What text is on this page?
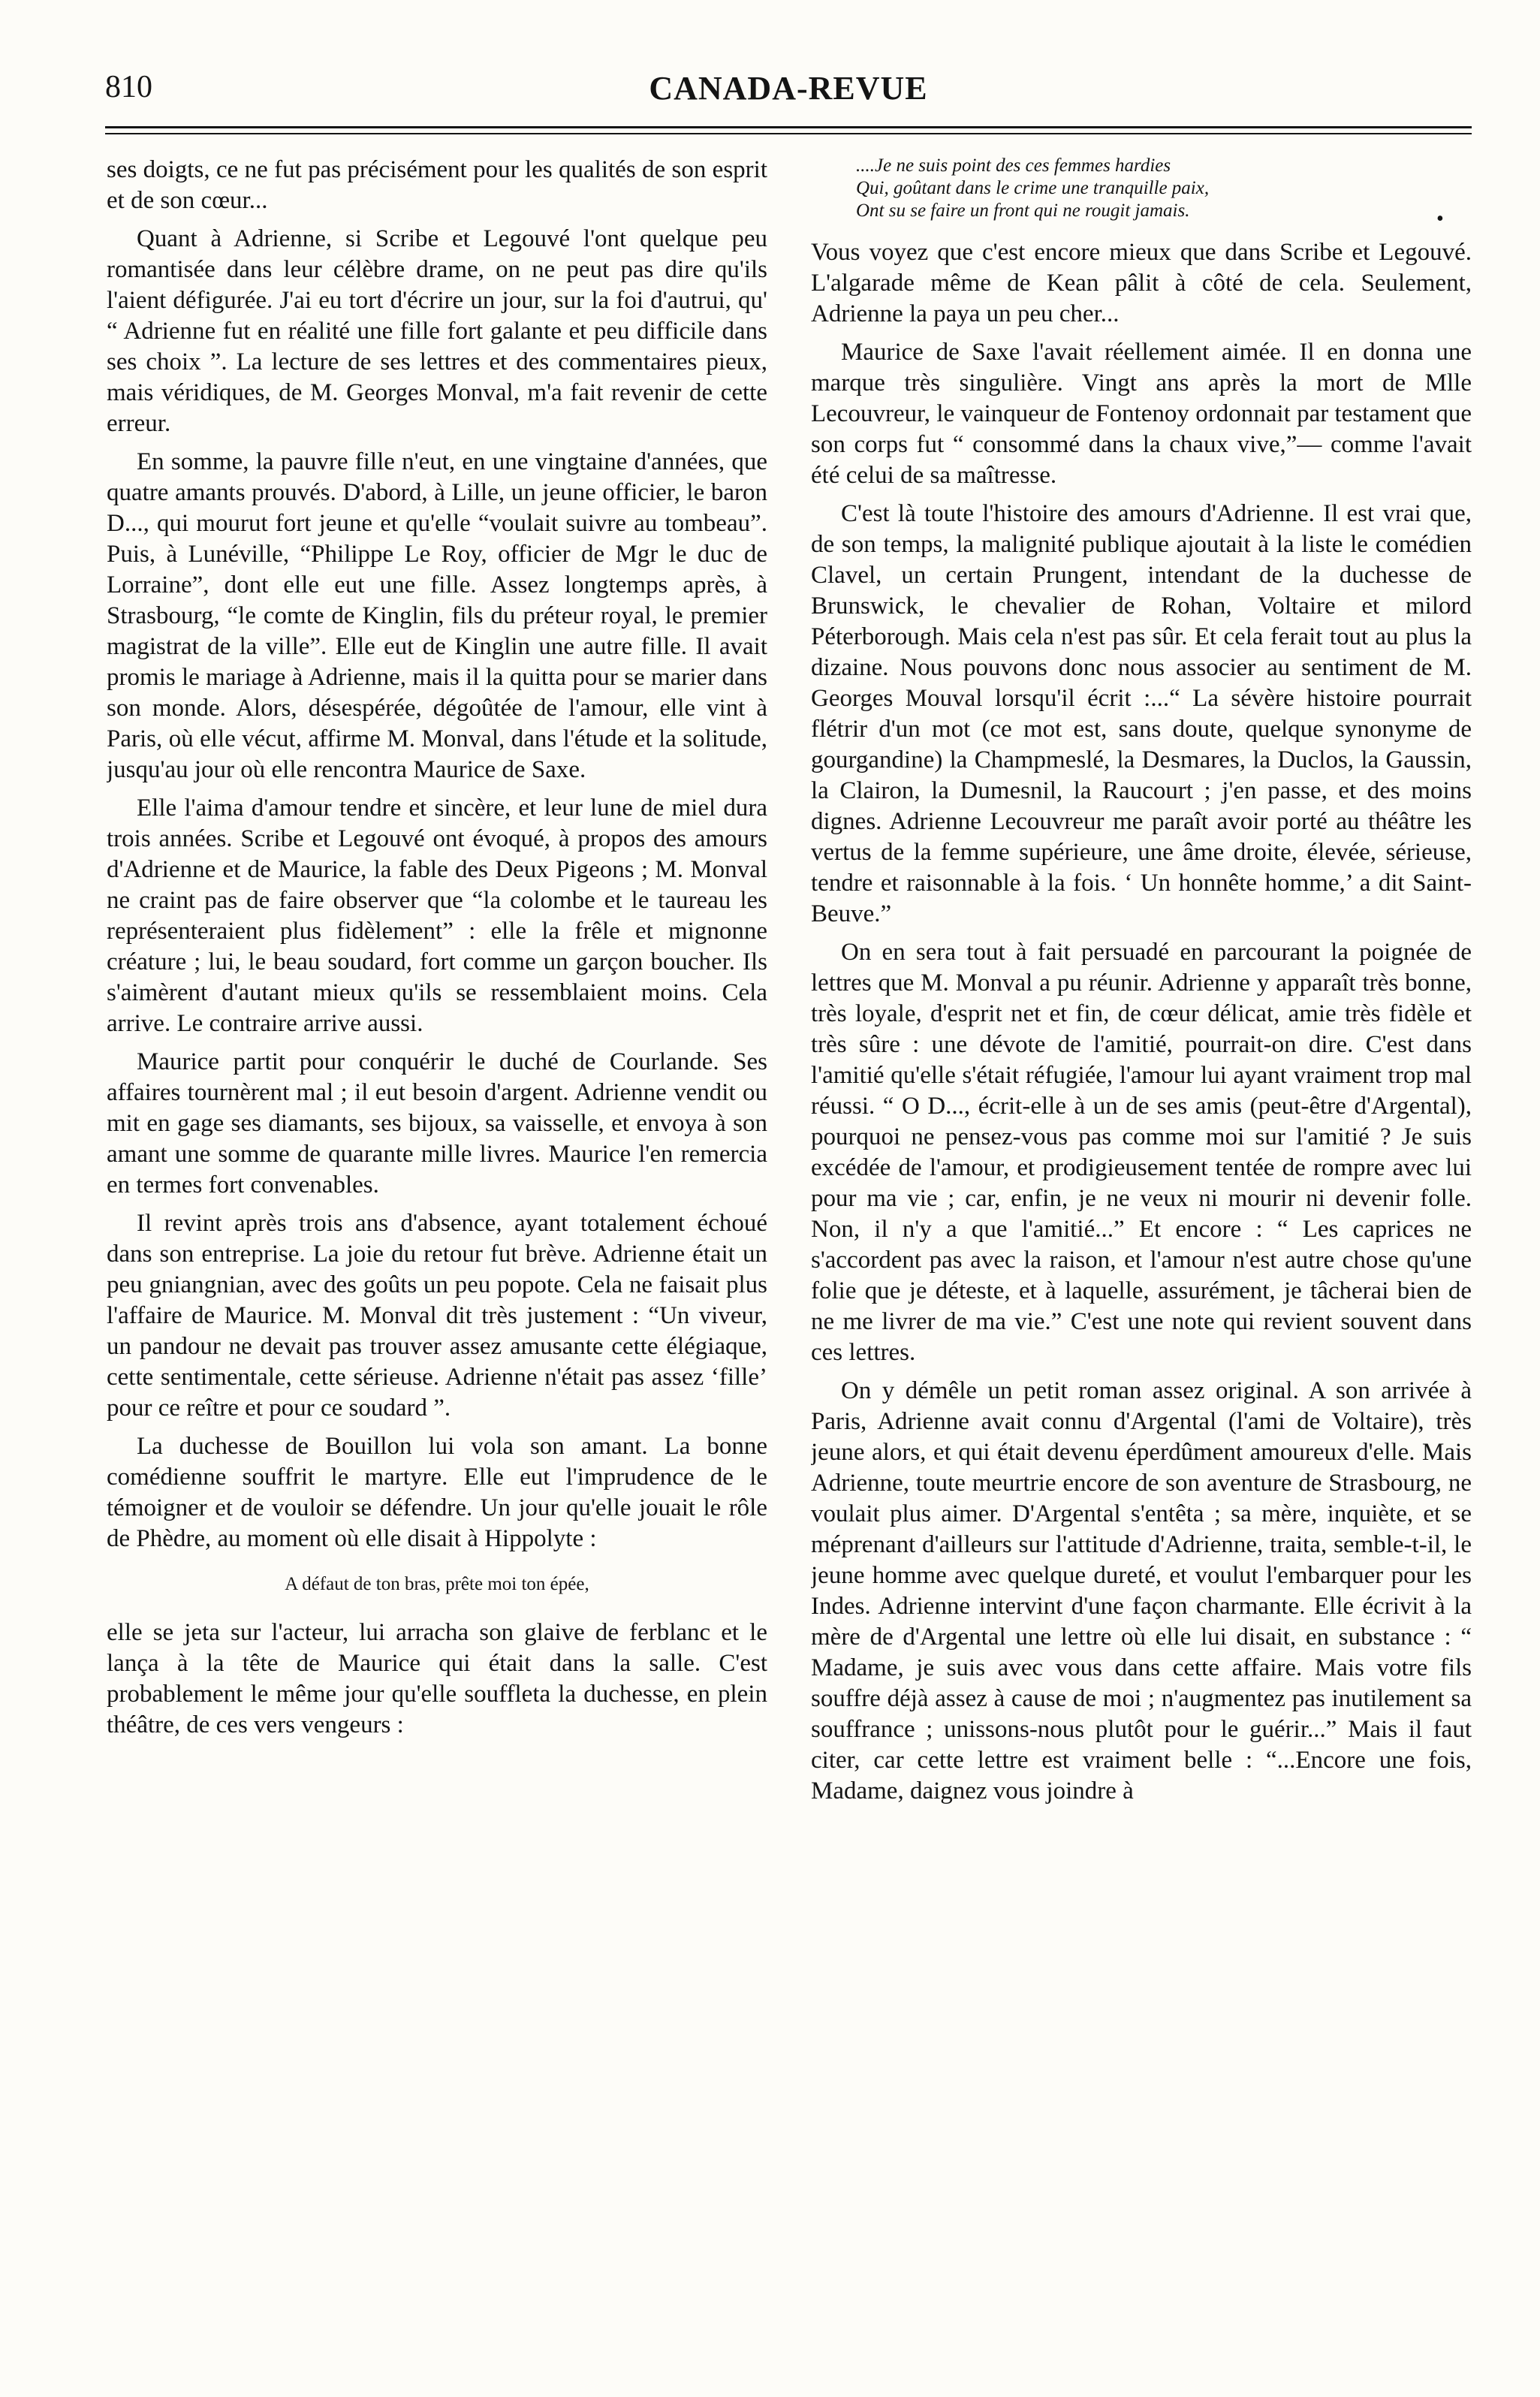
810	CANADA-REVUE

ses doigts, ce ne fut pas précisément pour les qualités de son esprit et de son cœur...

Quant à Adrienne, si Scribe et Legouvé l'ont quelque peu romantisée dans leur célèbre drame, on ne peut pas dire qu'ils l'aient défigurée. J'ai eu tort d'écrire un jour, sur la foi d'autrui, qu' “ Adrienne fut en réalité une fille fort galante et peu difficile dans ses choix ”. La lecture de ses lettres et des commentaires pieux, mais véridiques, de M. Georges Monval, m'a fait revenir de cette erreur.

En somme, la pauvre fille n'eut, en une vingtaine d'années, que quatre amants prouvés. D'abord, à Lille, un jeune officier, le baron D..., qui mourut fort jeune et qu'elle “voulait suivre au tombeau”. Puis, à Lunéville, “Philippe Le Roy, officier de Mgr le duc de Lorraine”, dont elle eut une fille. Assez longtemps après, à Strasbourg, “le comte de Kinglin, fils du préteur royal, le premier magistrat de la ville”. Elle eut de Kinglin une autre fille. Il avait promis le mariage à Adrienne, mais il la quitta pour se marier dans son monde. Alors, désespérée, dégoûtée de l'amour, elle vint à Paris, où elle vécut, affirme M. Monval, dans l'étude et la solitude, jusqu'au jour où elle rencontra Maurice de Saxe.

Elle l'aima d'amour tendre et sincère, et leur lune de miel dura trois années. Scribe et Legouvé ont évoqué, à propos des amours d'Adrienne et de Maurice, la fable des Deux Pigeons ; M. Monval ne craint pas de faire observer que “la colombe et le taureau les représenteraient plus fidèlement” : elle la frêle et mignonne créature ; lui, le beau soudard, fort comme un garçon boucher. Ils s'aimèrent d'autant mieux qu'ils se ressemblaient moins. Cela arrive. Le contraire arrive aussi.

Maurice partit pour conquérir le duché de Courlande. Ses affaires tournèrent mal ; il eut besoin d'argent. Adrienne vendit ou mit en gage ses diamants, ses bijoux, sa vaisselle, et envoya à son amant une somme de quarante mille livres. Maurice l'en remercia en termes fort convenables.

Il revint après trois ans d'absence, ayant totalement échoué dans son entreprise. La joie du retour fut brève. Adrienne était un peu gniangnian, avec des goûts un peu popote. Cela ne faisait plus l'affaire de Maurice. M. Monval dit très justement : “Un viveur, un pandour ne devait pas trouver assez amusante cette élégiaque, cette sentimentale, cette sérieuse. Adrienne n'était pas assez ‘fille’ pour ce reître et pour ce soudard ”.

La duchesse de Bouillon lui vola son amant. La bonne comédienne souffrit le martyre. Elle eut l'imprudence de le témoigner et de vouloir se défendre. Un jour qu'elle jouait le rôle de Phèdre, au moment où elle disait à Hippolyte :

A défaut de ton bras, prête moi ton épée,

elle se jeta sur l'acteur, lui arracha son glaive de ferblanc et le lança à la tête de Maurice qui était dans la salle. C'est probablement le même jour qu'elle souffleta la duchesse, en plein théâtre, de ces vers vengeurs :

....Je ne suis point des ces femmes hardies
Qui, goûtant dans le crime une tranquille paix,
Ont su se faire un front qui ne rougit jamais.

Vous voyez que c'est encore mieux que dans Scribe et Legouvé. L'algarade même de Kean pâlit à côté de cela. Seulement, Adrienne la paya un peu cher...

Maurice de Saxe l'avait réellement aimée. Il en donna une marque très singulière. Vingt ans après la mort de Mlle Lecouvreur, le vainqueur de Fontenoy ordonnait par testament que son corps fut “ consommé dans la chaux vive,”— comme l'avait été celui de sa maîtresse.

C'est là toute l'histoire des amours d'Adrienne. Il est vrai que, de son temps, la malignité publique ajoutait à la liste le comédien Clavel, un certain Prungent, intendant de la duchesse de Brunswick, le chevalier de Rohan, Voltaire et milord Péterborough. Mais cela n'est pas sûr. Et cela ferait tout au plus la dizaine. Nous pouvons donc nous associer au sentiment de M. Georges Mouval lorsqu'il écrit :...“ La sévère histoire pourrait flétrir d'un mot (ce mot est, sans doute, quelque synonyme de gourgandine) la Champmeslé, la Desmares, la Duclos, la Gaussin, la Clairon, la Dumesnil, la Raucourt ; j'en passe, et des moins dignes. Adrienne Lecouvreur me paraît avoir porté au théâtre les vertus de la femme supérieure, une âme droite, élevée, sérieuse, tendre et raisonnable à la fois. ‘ Un honnête homme,’ a dit Saint-Beuve.”

On en sera tout à fait persuadé en parcourant la poignée de lettres que M. Monval a pu réunir. Adrienne y apparaît très bonne, très loyale, d'esprit net et fin, de cœur délicat, amie très fidèle et très sûre : une dévote de l'amitié, pourrait-on dire. C'est dans l'amitié qu'elle s'était réfugiée, l'amour lui ayant vraiment trop mal réussi. “ O D..., écrit-elle à un de ses amis (peut-être d'Argental), pourquoi ne pensez-vous pas comme moi sur l'amitié ? Je suis excédée de l'amour, et prodigieusement tentée de rompre avec lui pour ma vie ; car, enfin, je ne veux ni mourir ni devenir folle. Non, il n'y a que l'amitié...” Et encore : “ Les caprices ne s'accordent pas avec la raison, et l'amour n'est autre chose qu'une folie que je déteste, et à laquelle, assurément, je tâcherai bien de ne me livrer de ma vie.” C'est une note qui revient souvent dans ces lettres.

On y démêle un petit roman assez original. A son arrivée à Paris, Adrienne avait connu d'Argental (l'ami de Voltaire), très jeune alors, et qui était devenu éperdûment amoureux d'elle. Mais Adrienne, toute meurtrie encore de son aventure de Strasbourg, ne voulait plus aimer. D'Argental s'entêta ; sa mère, inquiète, et se méprenant d'ailleurs sur l'attitude d'Adrienne, traita, semble-t-il, le jeune homme avec quelque dureté, et voulut l'embarquer pour les Indes. Adrienne intervint d'une façon charmante. Elle écrivit à la mère de d'Argental une lettre où elle lui disait, en substance : “ Madame, je suis avec vous dans cette affaire. Mais votre fils souffre déjà assez à cause de moi ; n'augmentez pas inutilement sa souffrance ; unissons-nous plutôt pour le guérir...” Mais il faut citer, car cette lettre est vraiment belle : “...Encore une fois, Madame, daignez vous joindre à

•
